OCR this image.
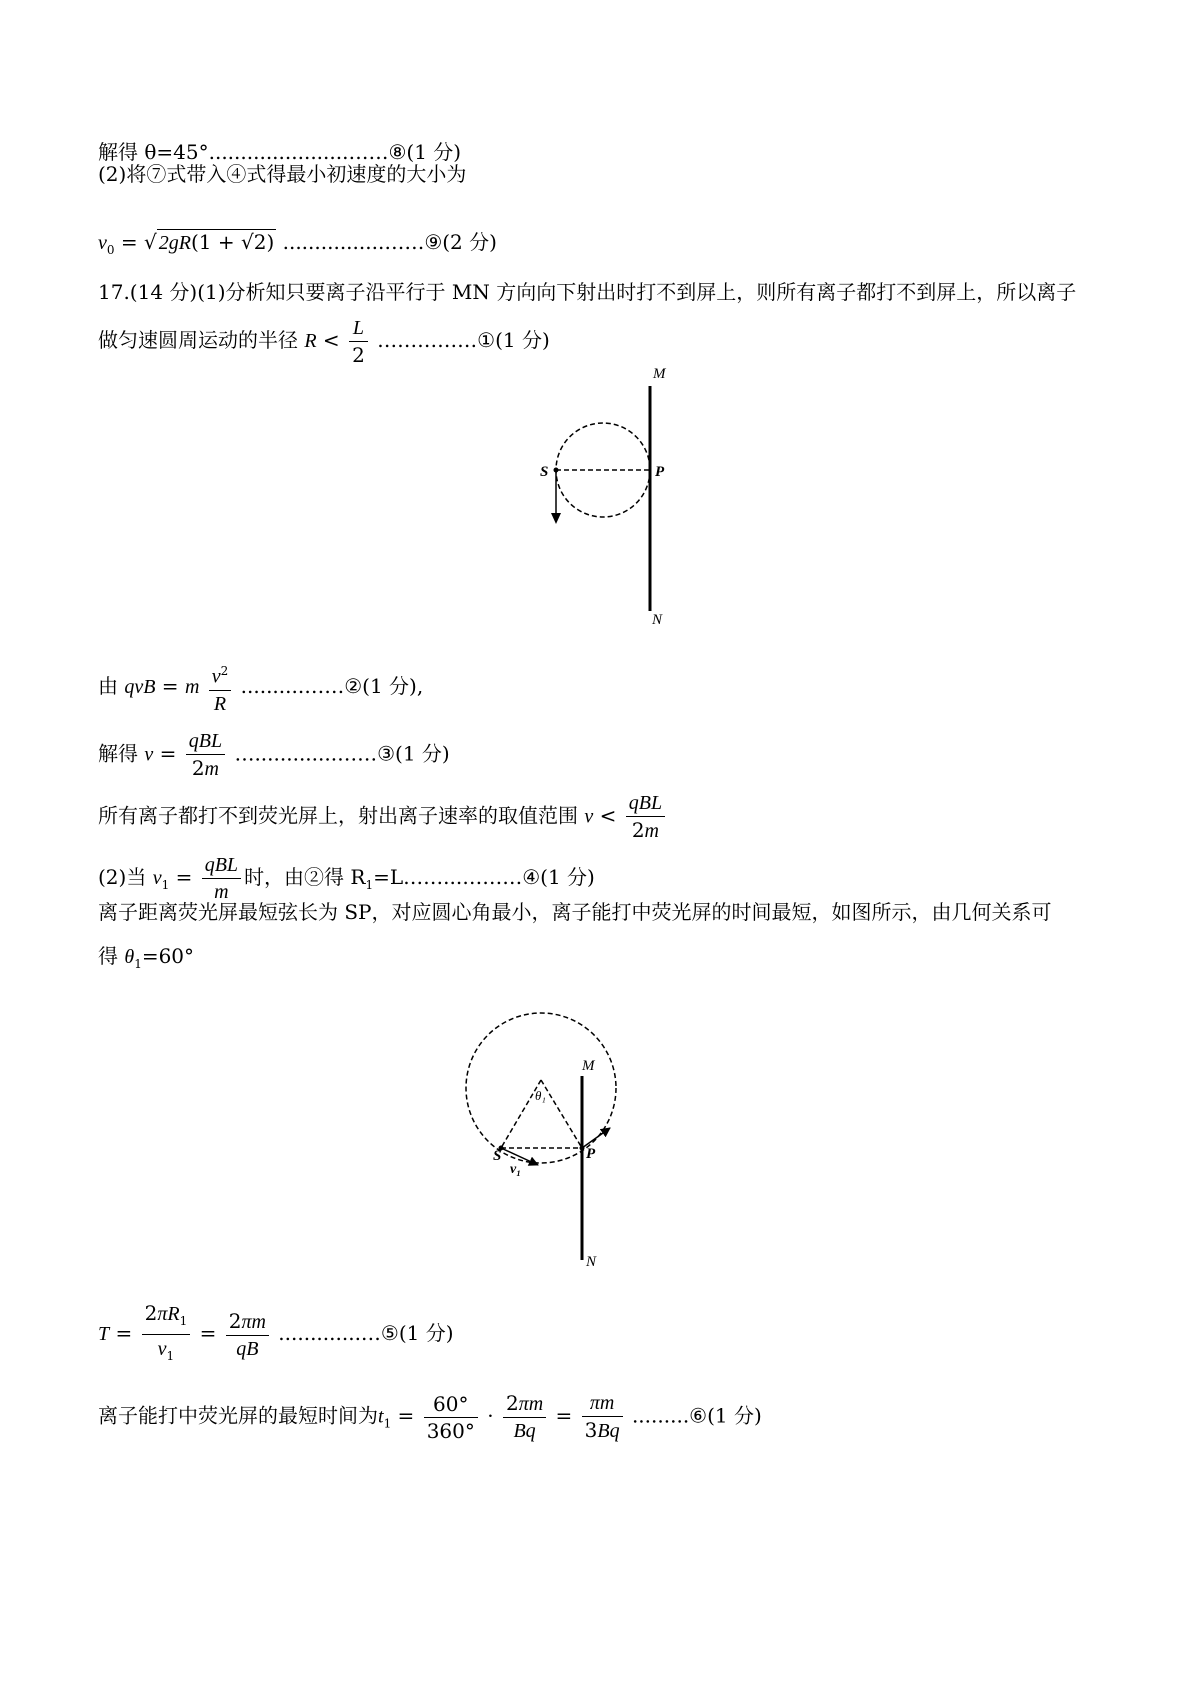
解得 θ=45°......................……⑧(1 分)
(2)将⑦式带入④式得最小初速度的大小为
$v_0$ = √ 2gR(1 + √2) ................……⑨(2 分)
17.(14 分)(1)分析知只要离子沿平行于 MN 方向向下射出时打不到屏上，则所有离子都打不到屏上，所以离子
做匀速圆周运动的半径 $R < \frac{L}{2}$ ……………①(1 分)
M
S	P
N
由 qvB = m $\frac{v^2}{R}$ ..........……②(1 分),
解得 $v = \frac{\text{qBL}}{2m}$ ….............……③(1 分)
所有离子都打不到荧光屏上，射出离子速率的取值范围 $v < \frac{\text{qBL}}{2m}$
(2)当 $v_1 = \frac{\text{qBL}}{m}$ 时，由②得 $R_1=L\dots\dots...\dots\dots\dots ④(1$ 分)
离子距离荧光屏最短弦长为 SP，对应圆心角最小，离子能打中荧光屏的时间最短，如图所示，由几何关系可
得 $\theta_1=60^\circ$
θ₁
M
S
v₁
P
N
$T = \frac{2\pi R_1}{v_1} = \frac{2\pi m}{qB}$ .............…⑤(1 分)
离子能打中荧光屏的最短时间为$t_1 = \frac{60^\circ}{360^\circ} \cdot \frac{2\pi m}{Bq} = \frac{\pi m}{3Bq}$ .........⑥(1 分)
